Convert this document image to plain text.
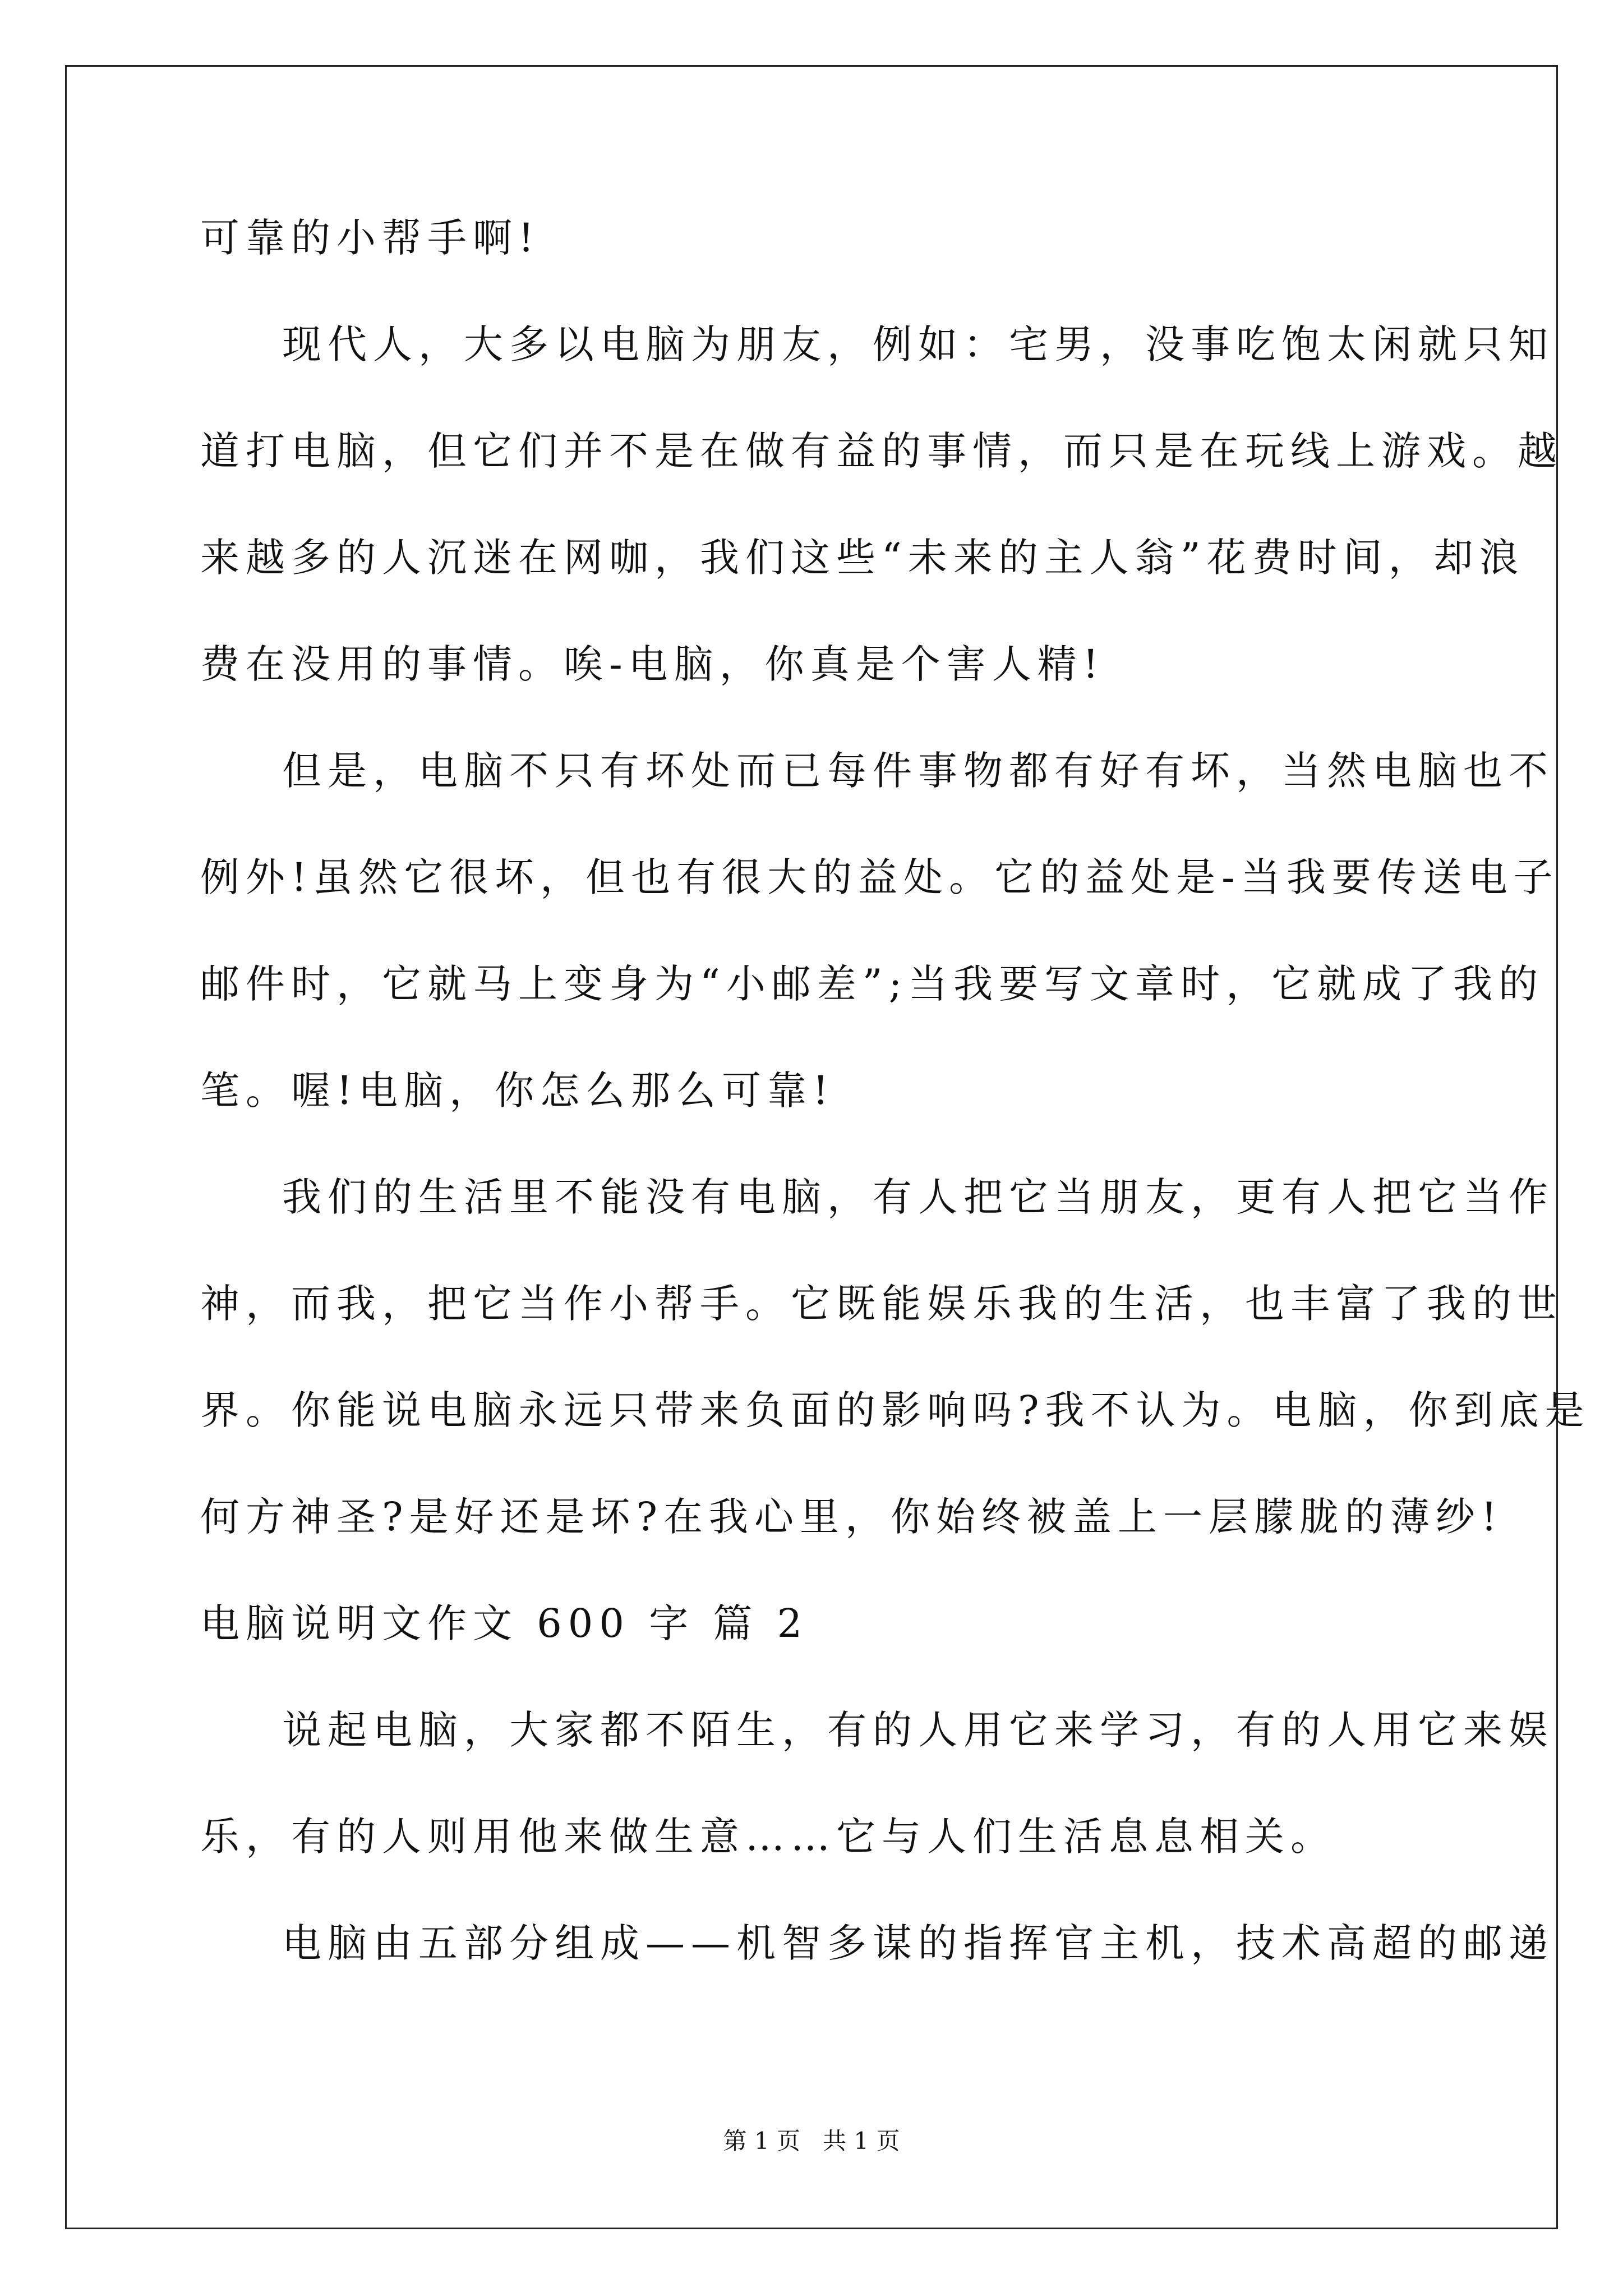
可靠的小帮手啊!
现代人，大多以电脑为朋友，例如：宅男，没事吃饱太闲就只知
道打电脑，但它们并不是在做有益的事情，而只是在玩线上游戏。越
来越多的人沉迷在网咖，我们这些“未来的主人翁”花费时间，却浪
费在没用的事情。唉-电脑，你真是个害人精!
但是，电脑不只有坏处而已每件事物都有好有坏，当然电脑也不
例外!虽然它很坏，但也有很大的益处。它的益处是-当我要传送电子
邮件时，它就马上变身为“小邮差”;当我要写文章时，它就成了我的
笔。喔!电脑，你怎么那么可靠!
我们的生活里不能没有电脑，有人把它当朋友，更有人把它当作
神，而我，把它当作小帮手。它既能娱乐我的生活，也丰富了我的世
界。你能说电脑永远只带来负面的影响吗?我不认为。电脑，你到底是
何方神圣?是好还是坏?在我心里，你始终被盖上一层朦胧的薄纱!
电脑说明文作文 600 字 篇 2
说起电脑，大家都不陌生，有的人用它来学习，有的人用它来娱
乐，有的人则用他来做生意……它与人们生活息息相关。
电脑由五部分组成——机智多谋的指挥官主机，技术高超的邮递
第 1 页   共 1 页
